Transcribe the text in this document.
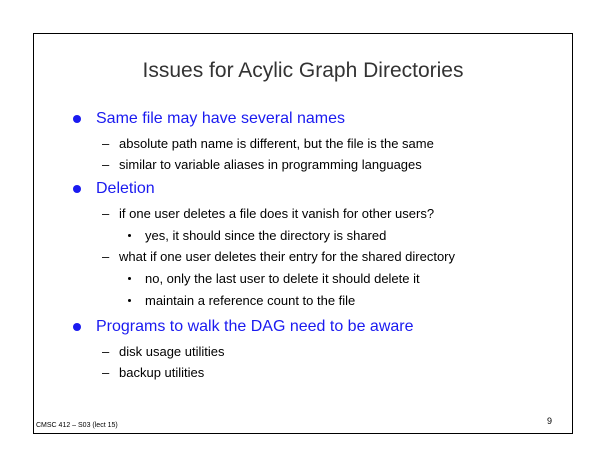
Issues for Acylic Graph Directories
Same file may have several names
– absolute path name is different, but the file is the same
– similar to variable aliases in programming languages
Deletion
– if one user deletes a file does it vanish for other users?
yes, it should since the directory is shared
– what if one user deletes their entry for the shared directory
no, only the last user to delete it should delete it
maintain a reference count to the file
Programs to walk the DAG need to be aware
– disk usage utilities
– backup utilities
CMSC 412 – S03 (lect 15)	9
